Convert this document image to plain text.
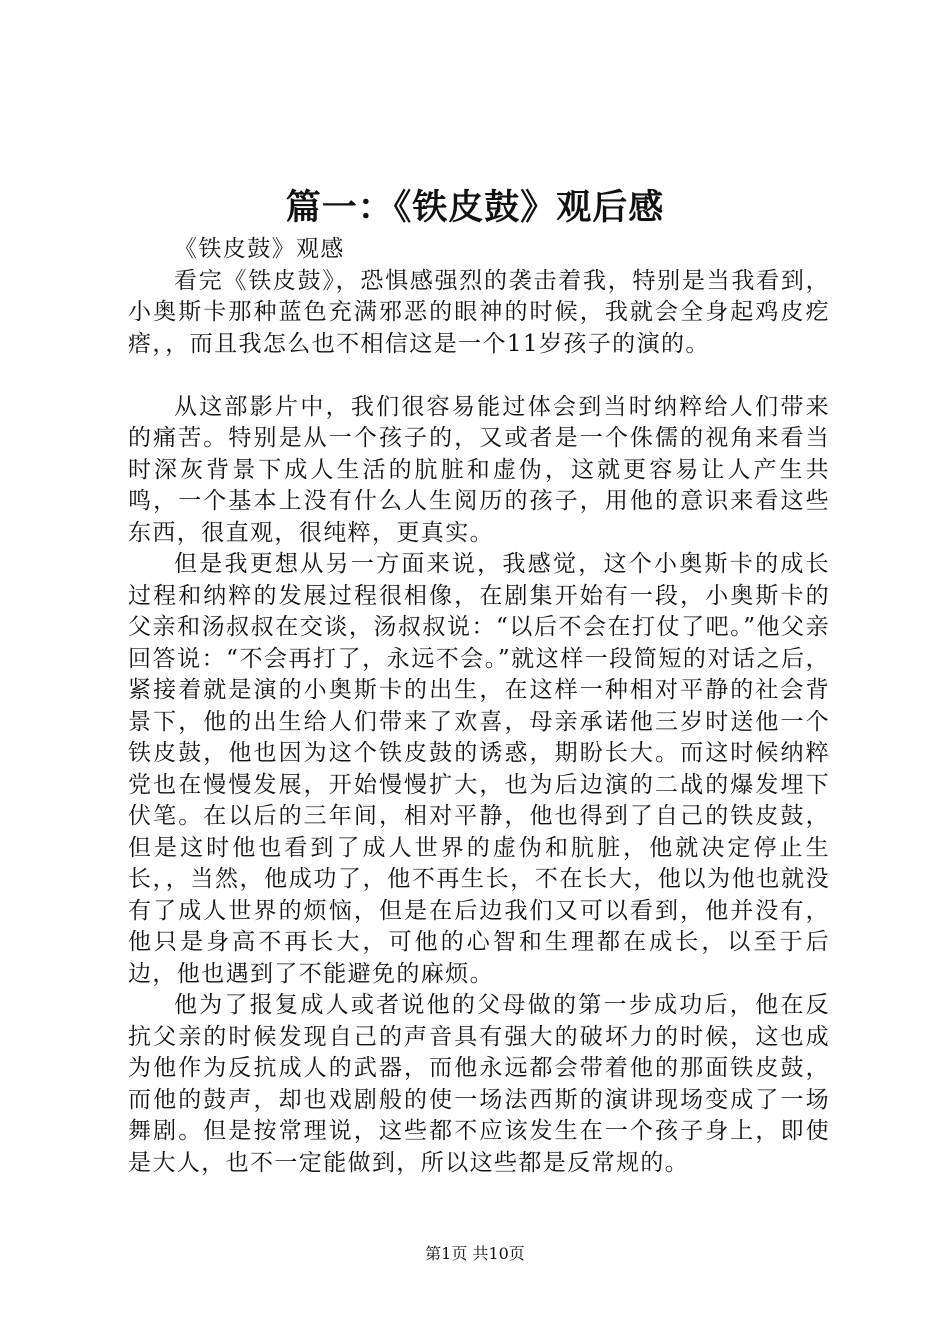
篇一：《铁皮鼓》观后感

《铁皮鼓》观感

看完《铁皮鼓》，恐惧感强烈的袭击着我，特别是当我看到，小奥斯卡那种蓝色充满邪恶的眼神的时候，我就会全身起鸡皮疙瘩，，而且我怎么也不相信这是一个11岁孩子的演的。

从这部影片中，我们很容易能过体会到当时纳粹给人们带来的痛苦。特别是从一个孩子的，又或者是一个侏儒的视角来看当时深灰背景下成人生活的肮脏和虚伪，这就更容易让人产生共鸣，一个基本上没有什么人生阅历的孩子，用他的意识来看这些东西，很直观，很纯粹，更真实。

但是我更想从另一方面来说，我感觉，这个小奥斯卡的成长过程和纳粹的发展过程很相像，在剧集开始有一段，小奥斯卡的父亲和汤叔叔在交谈，汤叔叔说：“以后不会在打仗了吧。”他父亲回答说：“不会再打了，永远不会。”就这样一段简短的对话之后，紧接着就是演的小奥斯卡的出生，在这样一种相对平静的社会背景下，他的出生给人们带来了欢喜，母亲承诺他三岁时送他一个铁皮鼓，他也因为这个铁皮鼓的诱惑，期盼长大。而这时候纳粹党也在慢慢发展，开始慢慢扩大，也为后边演的二战的爆发埋下伏笔。在以后的三年间，相对平静，他也得到了自己的铁皮鼓，但是这时他也看到了成人世界的虚伪和肮脏，他就决定停止生长，，当然，他成功了，他不再生长，不在长大，他以为他也就没有了成人世界的烦恼，但是在后边我们又可以看到，他并没有，他只是身高不再长大，可他的心智和生理都在成长，以至于后边，他也遇到了不能避免的麻烦。

他为了报复成人或者说他的父母做的第一步成功后，他在反抗父亲的时候发现自己的声音具有强大的破坏力的时候，这也成为他作为反抗成人的武器，而他永远都会带着他的那面铁皮鼓，而他的鼓声，却也戏剧般的使一场法西斯的演讲现场变成了一场舞剧。但是按常理说，这些都不应该发生在一个孩子身上，即使是大人，也不一定能做到，所以这些都是反常规的。

第1页 共10页
